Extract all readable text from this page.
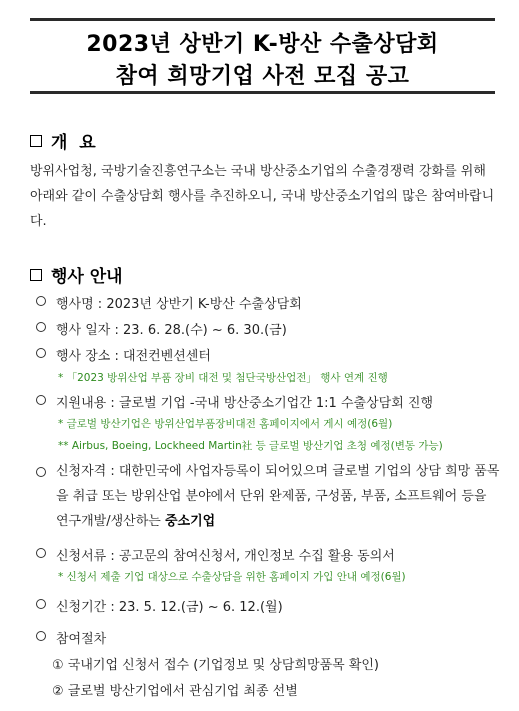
2023년 상반기 K-방산 수출상담회
참여 희망기업 사전 모집 공고
개  요
방위사업청, 국방기술진흥연구소는 국내 방산중소기업의 수출경쟁력 강화를 위해 아래와 같이 수출상담회 행사를 추진하오니, 국내 방산중소기업의 많은 참여바랍니다.
행사 안내
행사명 : 2023년 상반기 K-방산 수출상담회
행사 일자 : 23. 6. 28.(수) ~ 6. 30.(금)
행사 장소 : 대전컨벤션센터
* 「2023 방위산업 부품 장비 대전 및 첨단국방산업전」 행사 연계 진행
지원내용 : 글로벌 기업 -국내 방산중소기업간 1:1 수출상담회 진행
* 글로벌 방산기업은 방위산업부품장비대전 홈페이지에서 게시 예정(6월)
** Airbus, Boeing, Lockheed Martin社 등 글로벌 방산기업 초청 예정(변동 가능)
신청자격 : 대한민국에 사업자등록이 되어있으며 글로벌 기업의 상담 희망 품목을 취급 또는 방위산업 분야에서 단위 완제품, 구성품, 부품, 소프트웨어 등을 연구개발/생산하는 중소기업
신청서류 : 공고문의 참여신청서, 개인정보 수집 활용 동의서
* 신청서 제출 기업 대상으로 수출상담을 위한 홈페이지 가입 안내 예정(6월)
신청기간 : 23. 5. 12.(금) ~ 6. 12.(월)
참여절차
① 국내기업 신청서 접수 (기업정보 및 상담희망품목 확인)
② 글로벌 방산기업에서 관심기업 최종 선별
